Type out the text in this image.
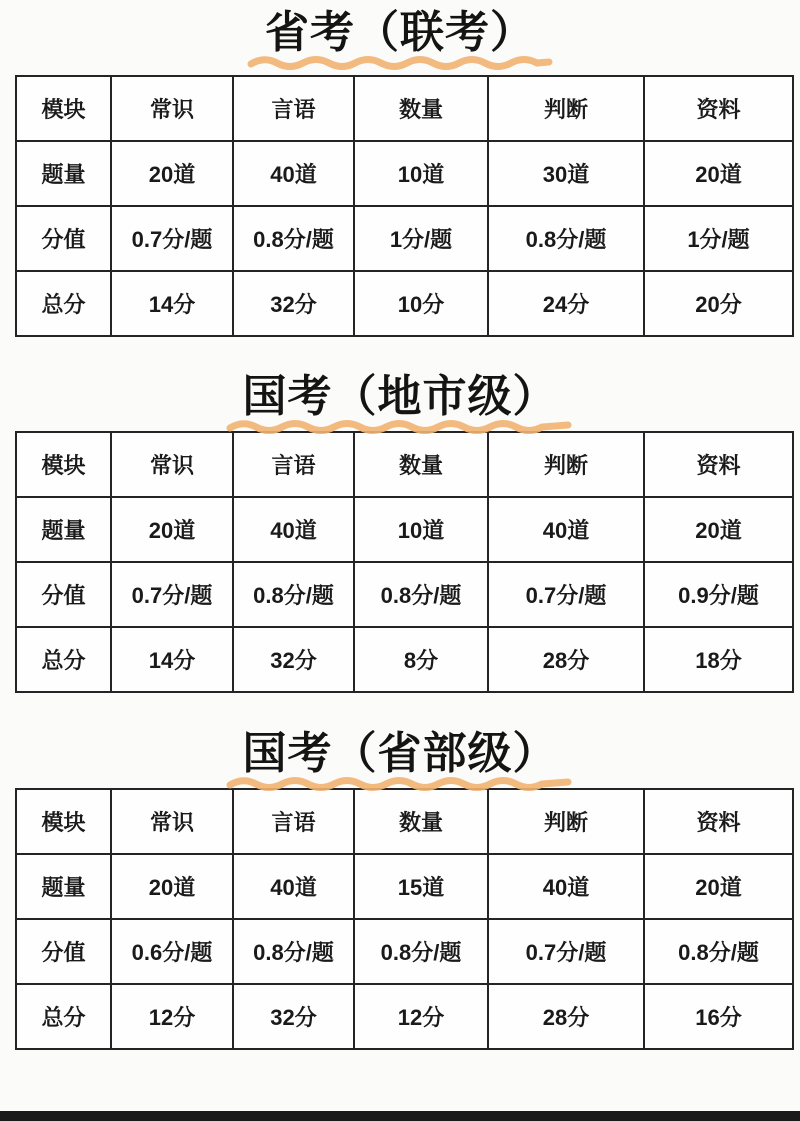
省考（联考）
模块	常识	言语	数量	判断	资料
题量	20道	40道	10道	30道	20道
分值	0.7分/题	0.8分/题	1分/题	0.8分/题	1分/题
总分	14分	32分	10分	24分	20分
国考（地市级）
模块	常识	言语	数量	判断	资料
题量	20道	40道	10道	40道	20道
分值	0.7分/题	0.8分/题	0.8分/题	0.7分/题	0.9分/题
总分	14分	32分	8分	28分	18分
国考（省部级）
模块	常识	言语	数量	判断	资料
题量	20道	40道	15道	40道	20道
分值	0.6分/题	0.8分/题	0.8分/题	0.7分/题	0.8分/题
总分	12分	32分	12分	28分	16分
